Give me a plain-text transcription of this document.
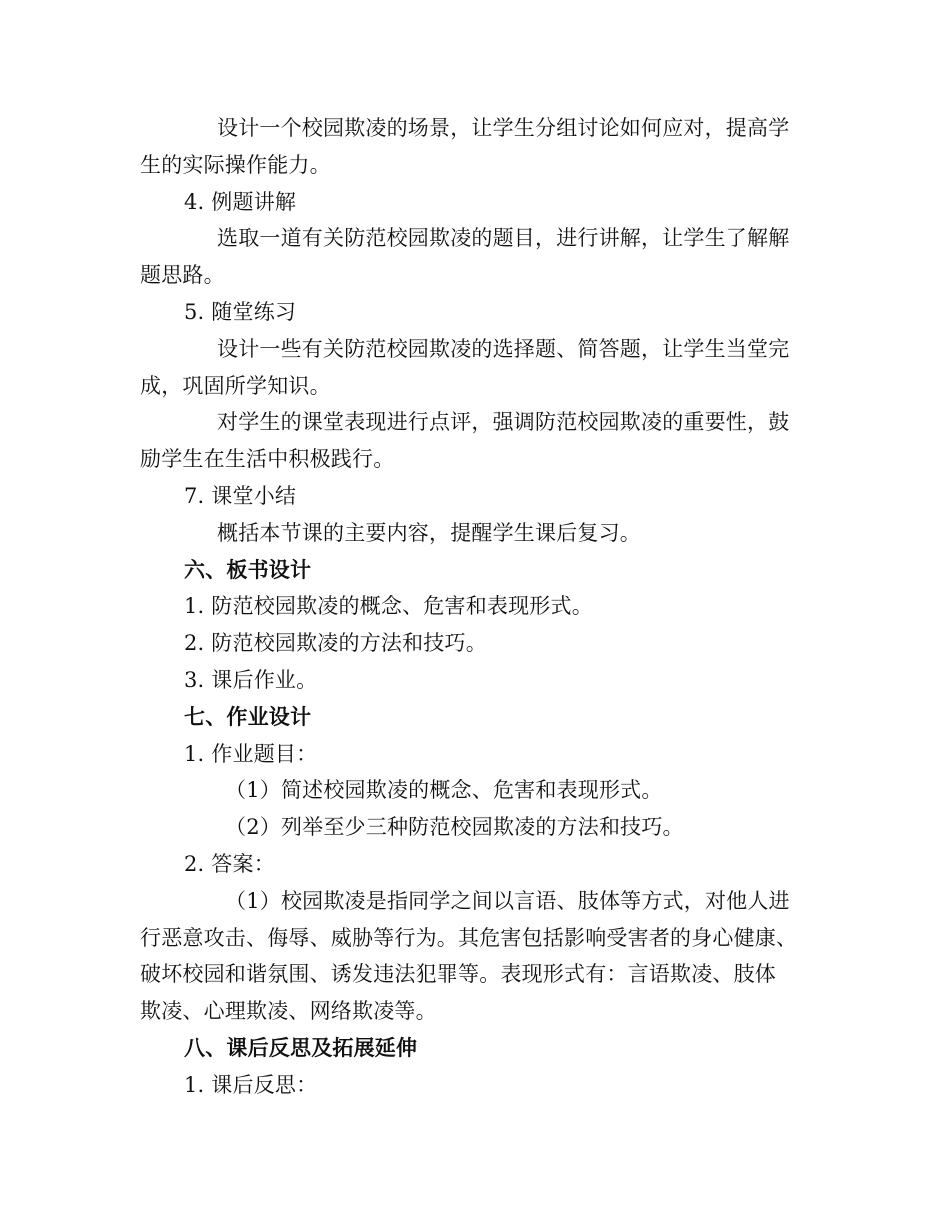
设计一个校园欺凌的场景，让学生分组讨论如何应对，提高学
生的实际操作能力。
4. 例题讲解
选取一道有关防范校园欺凌的题目，进行讲解，让学生了解解
题思路。
5. 随堂练习
设计一些有关防范校园欺凌的选择题、简答题，让学生当堂完
成，巩固所学知识。
对学生的课堂表现进行点评，强调防范校园欺凌的重要性，鼓
励学生在生活中积极践行。
7. 课堂小结
概括本节课的主要内容，提醒学生课后复习。
六、板书设计
1. 防范校园欺凌的概念、危害和表现形式。
2. 防范校园欺凌的方法和技巧。
3. 课后作业。
七、作业设计
1. 作业题目：
（1）简述校园欺凌的概念、危害和表现形式。
（2）列举至少三种防范校园欺凌的方法和技巧。
2. 答案：
（1）校园欺凌是指同学之间以言语、肢体等方式，对他人进
行恶意攻击、侮辱、威胁等行为。其危害包括影响受害者的身心健康、
破坏校园和谐氛围、诱发违法犯罪等。表现形式有：言语欺凌、肢体
欺凌、心理欺凌、网络欺凌等。
八、课后反思及拓展延伸
1. 课后反思：
